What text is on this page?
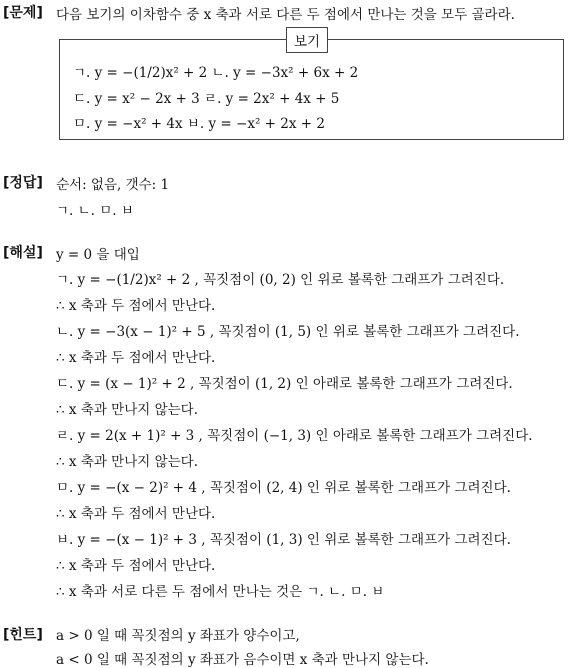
[문제] 다음 보기의 이차함수 중 x 축과 서로 다른 두 점에서 만나는 것을 모두 골라라.
보기
ㄱ. y = −(1/2)x² + 2 ㄴ. y = −3x² + 6x + 2
ㄷ. y = x² − 2x + 3 ㄹ. y = 2x² + 4x + 5
ㅁ. y = −x² + 4x ㅂ. y = −x² + 2x + 2
[정답] 순서: 없음, 갯수: 1
ㄱ. ㄴ. ㅁ. ㅂ
[해설] y = 0 을 대입
ㄱ. y = −(1/2)x² + 2 , 꼭짓점이 (0, 2) 인 위로 볼록한 그래프가 그려진다.
∴ x 축과 두 점에서 만난다.
ㄴ. y = −3(x − 1)² + 5 , 꼭짓점이 (1, 5) 인 위로 볼록한 그래프가 그려진다.
∴ x 축과 두 점에서 만난다.
ㄷ. y = (x − 1)² + 2 , 꼭짓점이 (1, 2) 인 아래로 볼록한 그래프가 그려진다.
∴ x 축과 만나지 않는다.
ㄹ. y = 2(x + 1)² + 3 , 꼭짓점이 (−1, 3) 인 아래로 볼록한 그래프가 그려진다.
∴ x 축과 만나지 않는다.
ㅁ. y = −(x − 2)² + 4 , 꼭짓점이 (2, 4) 인 위로 볼록한 그래프가 그려진다.
∴ x 축과 두 점에서 만난다.
ㅂ. y = −(x − 1)² + 3 , 꼭짓점이 (1, 3) 인 위로 볼록한 그래프가 그려진다.
∴ x 축과 두 점에서 만난다.
∴ x 축과 서로 다른 두 점에서 만나는 것은 ㄱ. ㄴ. ㅁ. ㅂ
[힌트] a > 0 일 때 꼭짓점의 y 좌표가 양수이고,
a < 0 일 때 꼭짓점의 y 좌표가 음수이면 x 축과 만나지 않는다.
